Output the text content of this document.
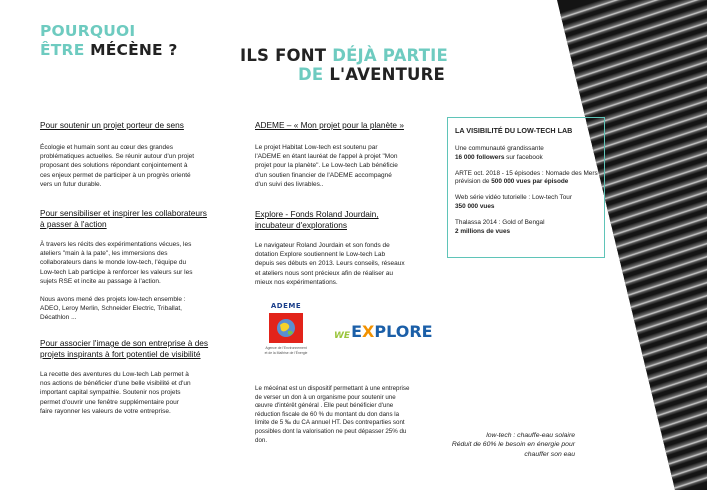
POURQUOI
ÊTRE MÉCÈNE ?	ILS FONT DÉJÀ PARTIE
DE L'AVENTURE
Pour soutenir un projet porteur de sens
Écologie et humain sont au cœur des grandes
problématiques actuelles. Se réunir autour d'un projet
proposant des solutions répondant conjointement à
ces enjeux permet de participer à un progrès orienté
vers un futur durable.
Pour sensibiliser et inspirer les collaborateurs
à passer à l'action
À travers les récits des expérimentations vécues, les
ateliers "main à la pate", les immersions des
collaborateurs dans le monde low-tech, l'équipe du
Low-tech Lab participe à renforcer les valeurs sur les
sujets RSE et incite au passage à l'action.
Nous avons mené des projets low-tech ensemble :
ADEO, Leroy Merlin, Schneider Electric, Triballat,
Décathlon ...
Pour associer l'image de son entreprise à des
projets inspirants à fort potentiel de visibilité
La recette des aventures du Low-tech Lab permet à
nos actions de bénéficier d'une belle visibilité et d'un
important capital sympathie. Soutenir nos projets
permet d'ouvrir une fenêtre supplémentaire pour
faire rayonner les valeurs de votre entreprise.
ADEME – « Mon projet pour la planète »
Le projet Habitat Low-tech est soutenu par
l'ADEME en étant lauréat de l'appel à projet "Mon
projet pour la planète". Le Low-tech Lab bénéficie
d'un soutien financier de l'ADEME accompagné
d'un suivi des livrables..
Explore - Fonds Roland Jourdain,
incubateur d'explorations
Le navigateur Roland Jourdain et son fonds de
dotation Explore soutiennent le Low-tech Lab
depuis ses débuts en 2013. Leurs conseils, réseaux
et ateliers nous sont précieux afin de réaliser au
mieux nos expérimentations.
ADEME
Agence de l'Environnement
et de la Maîtrise de l'Énergie
WE E X PLORE
Le mécénat est un dispositif permettant à une entreprise
de verser un don à un organisme pour soutenir une
œuvre d'intérêt général . Elle peut bénéficier d'une
réduction fiscale de 60 % du montant du don dans la
limite de 5 ‰ du CA annuel HT. Des contreparties sont
possibles dont la valorisation ne peut dépasser 25% du
don.
LA VISIBILITÉ DU LOW-TECH LAB
Une communauté grandissante
16 000 followers sur facebook
ARTE oct. 2018 - 15 épisodes : Nomade des Mers
prévision de 500 000 vues par épisode
Web série vidéo tutorielle : Low-tech Tour
350 000 vues
Thalassa 2014 : Gold of Bengal
2 millions de vues
low-tech : chauffe-eau solaire
Réduit de 60% le besoin en énergie pour
chauffer son eau
7
